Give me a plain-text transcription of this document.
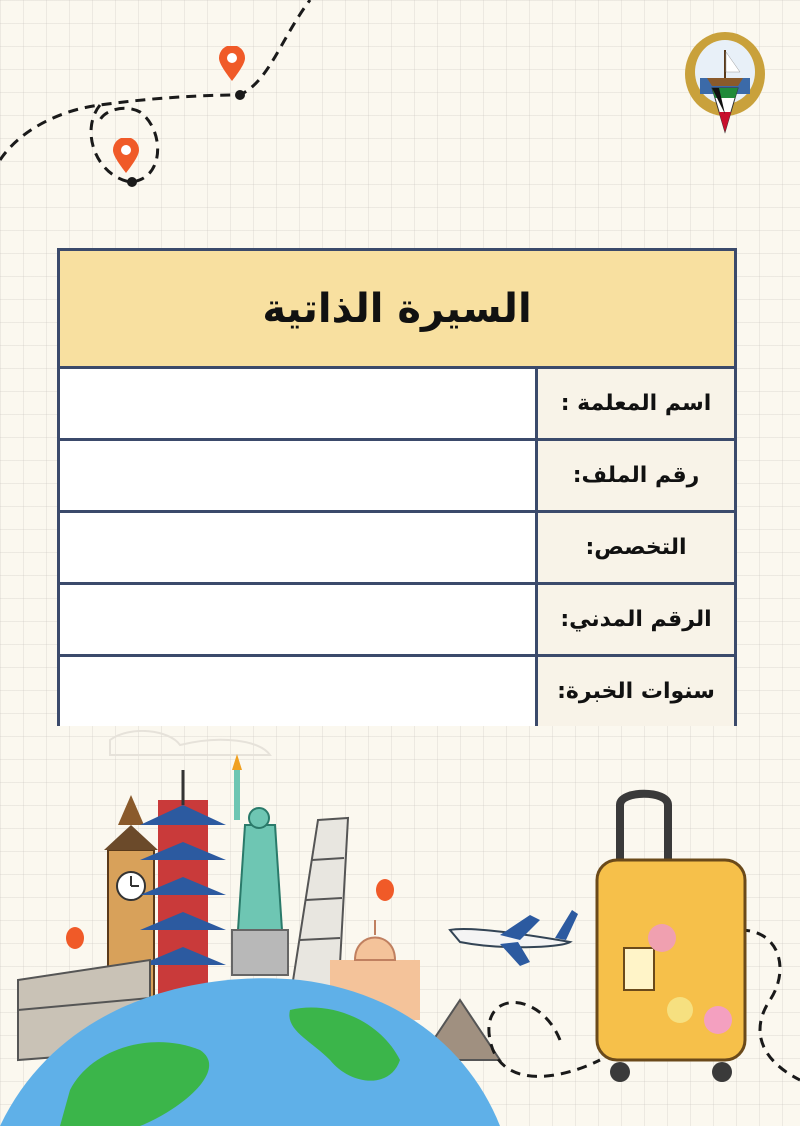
السيرة الذاتية
اسم المعلمة :
رقم الملف:
التخصص:
الرقم المدني:
سنوات الخبرة:
